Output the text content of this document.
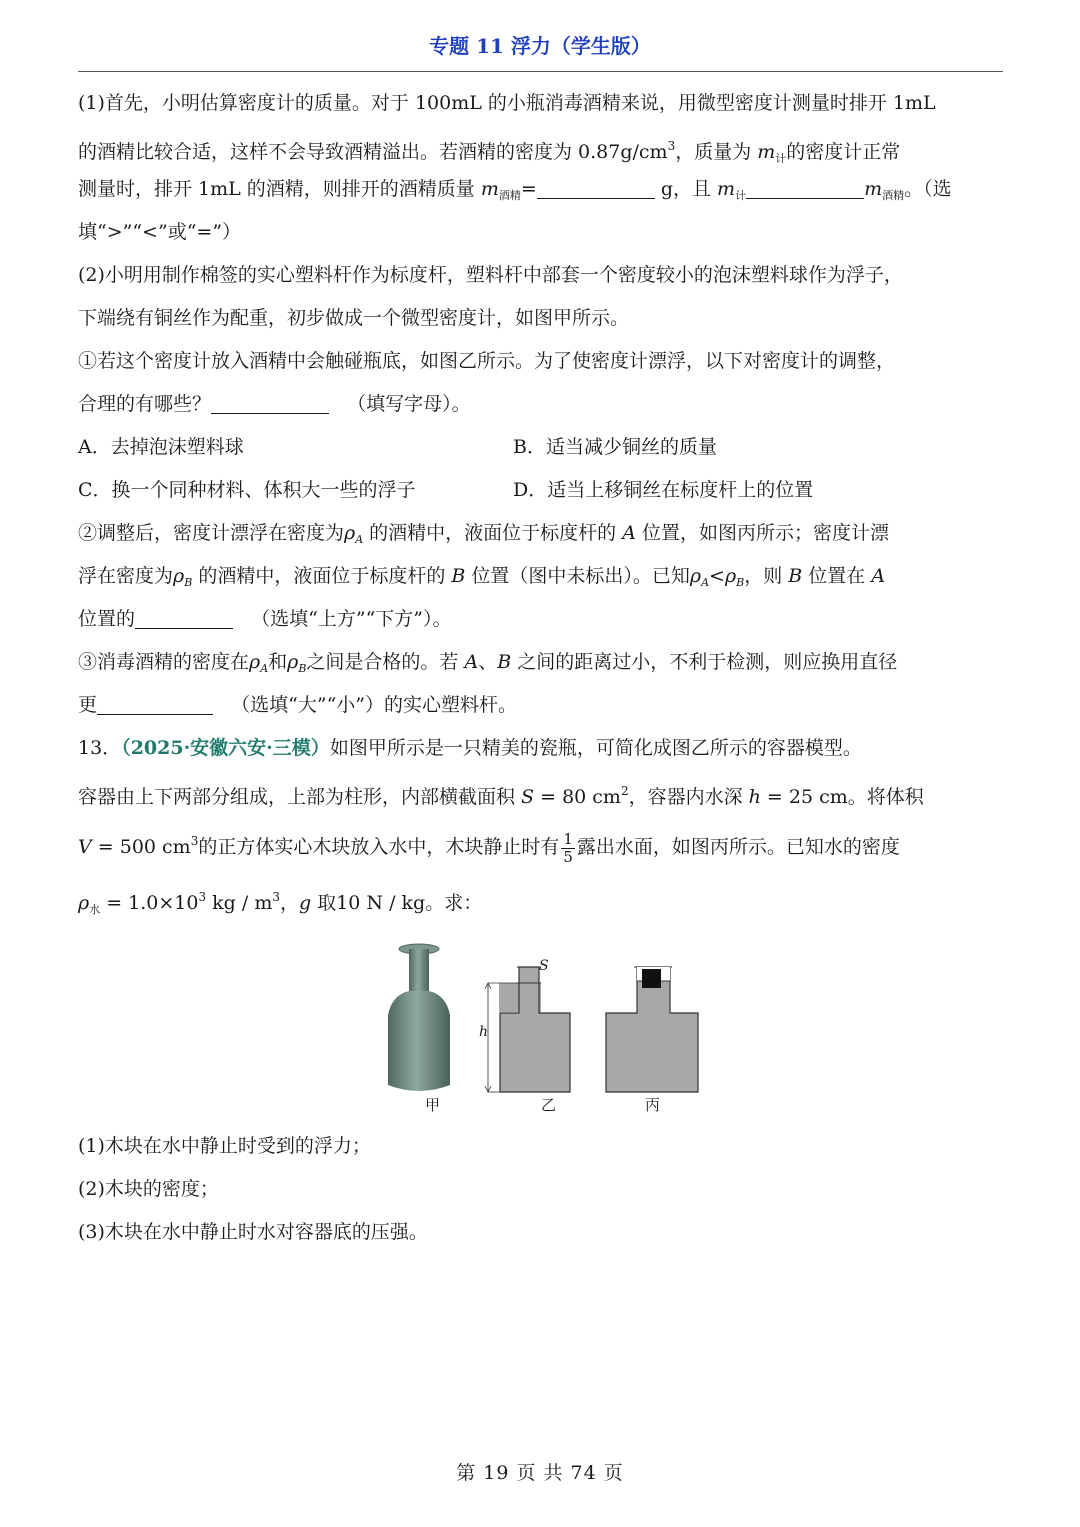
专题 11 浮力（学生版）
(1)首先，小明估算密度计的质量。对于 100mL 的小瓶消毒酒精来说，用微型密度计测量时排开 1mL
的酒精比较合适，这样不会导致酒精溢出。若酒精的密度为 $0.87g/cm^3$，质量为 $m_计$的密度计正常
测量时，排开 1mL 的酒精，则排开的酒精质量 $m_{酒精}=$	g，且 $m_计$	$m_{酒精}$。（选
填“>”“<”或“=”）
(2)小明用制作棉签的实心塑料杆作为标度杆，塑料杆中部套一个密度较小的泡沫塑料球作为浮子，
下端绕有铜丝作为配重，初步做成一个微型密度计，如图甲所示。
①若这个密度计放入酒精中会触碰瓶底，如图乙所示。为了使密度计漂浮，以下对密度计的调整，
合理的有哪些？	（填写字母）。
A．去掉泡沫塑料球	B．适当减少铜丝的质量
C．换一个同种材料、体积大一些的浮子	D．适当上移铜丝在标度杆上的位置
②调整后，密度计漂浮在密度为$\rho_A$ 的酒精中，液面位于标度杆的 A 位置，如图丙所示；密度计漂
浮在密度为$\rho_B$ 的酒精中，液面位于标度杆的 B 位置（图中未标出）。已知$\rho_A<\rho_B$，则 B 位置在 A
位置的	（选填“上方”“下方”）。
③消毒酒精的密度在$\rho_A$和$\rho_B$之间是合格的。若 A、B 之间的距离过小，不利于检测，则应换用直径
更	（选填“大”“小”）的实心塑料杆。
13．（2025·安徽六安·三模）如图甲所示是一只精美的瓷瓶，可简化成图乙所示的容器模型。
容器由上下两部分组成，上部为柱形，内部横截面积 S = 80 $cm^2$，容器内水深 h = 25 cm。将体积
V = 500 $cm^3$的正方体实心木块放入水中，木块静止时有 $\frac{1}{5}$ 露出水面，如图丙所示。已知水的密度
$\rho_水 = 1.0\times 10^3$ kg / $m^3$，g 取10 N / kg。求：
S
h
甲	乙	丙
(1)木块在水中静止时受到的浮力；
(2)木块的密度；
(3)木块在水中静止时水对容器底的压强。
第 19 页 共 74 页
